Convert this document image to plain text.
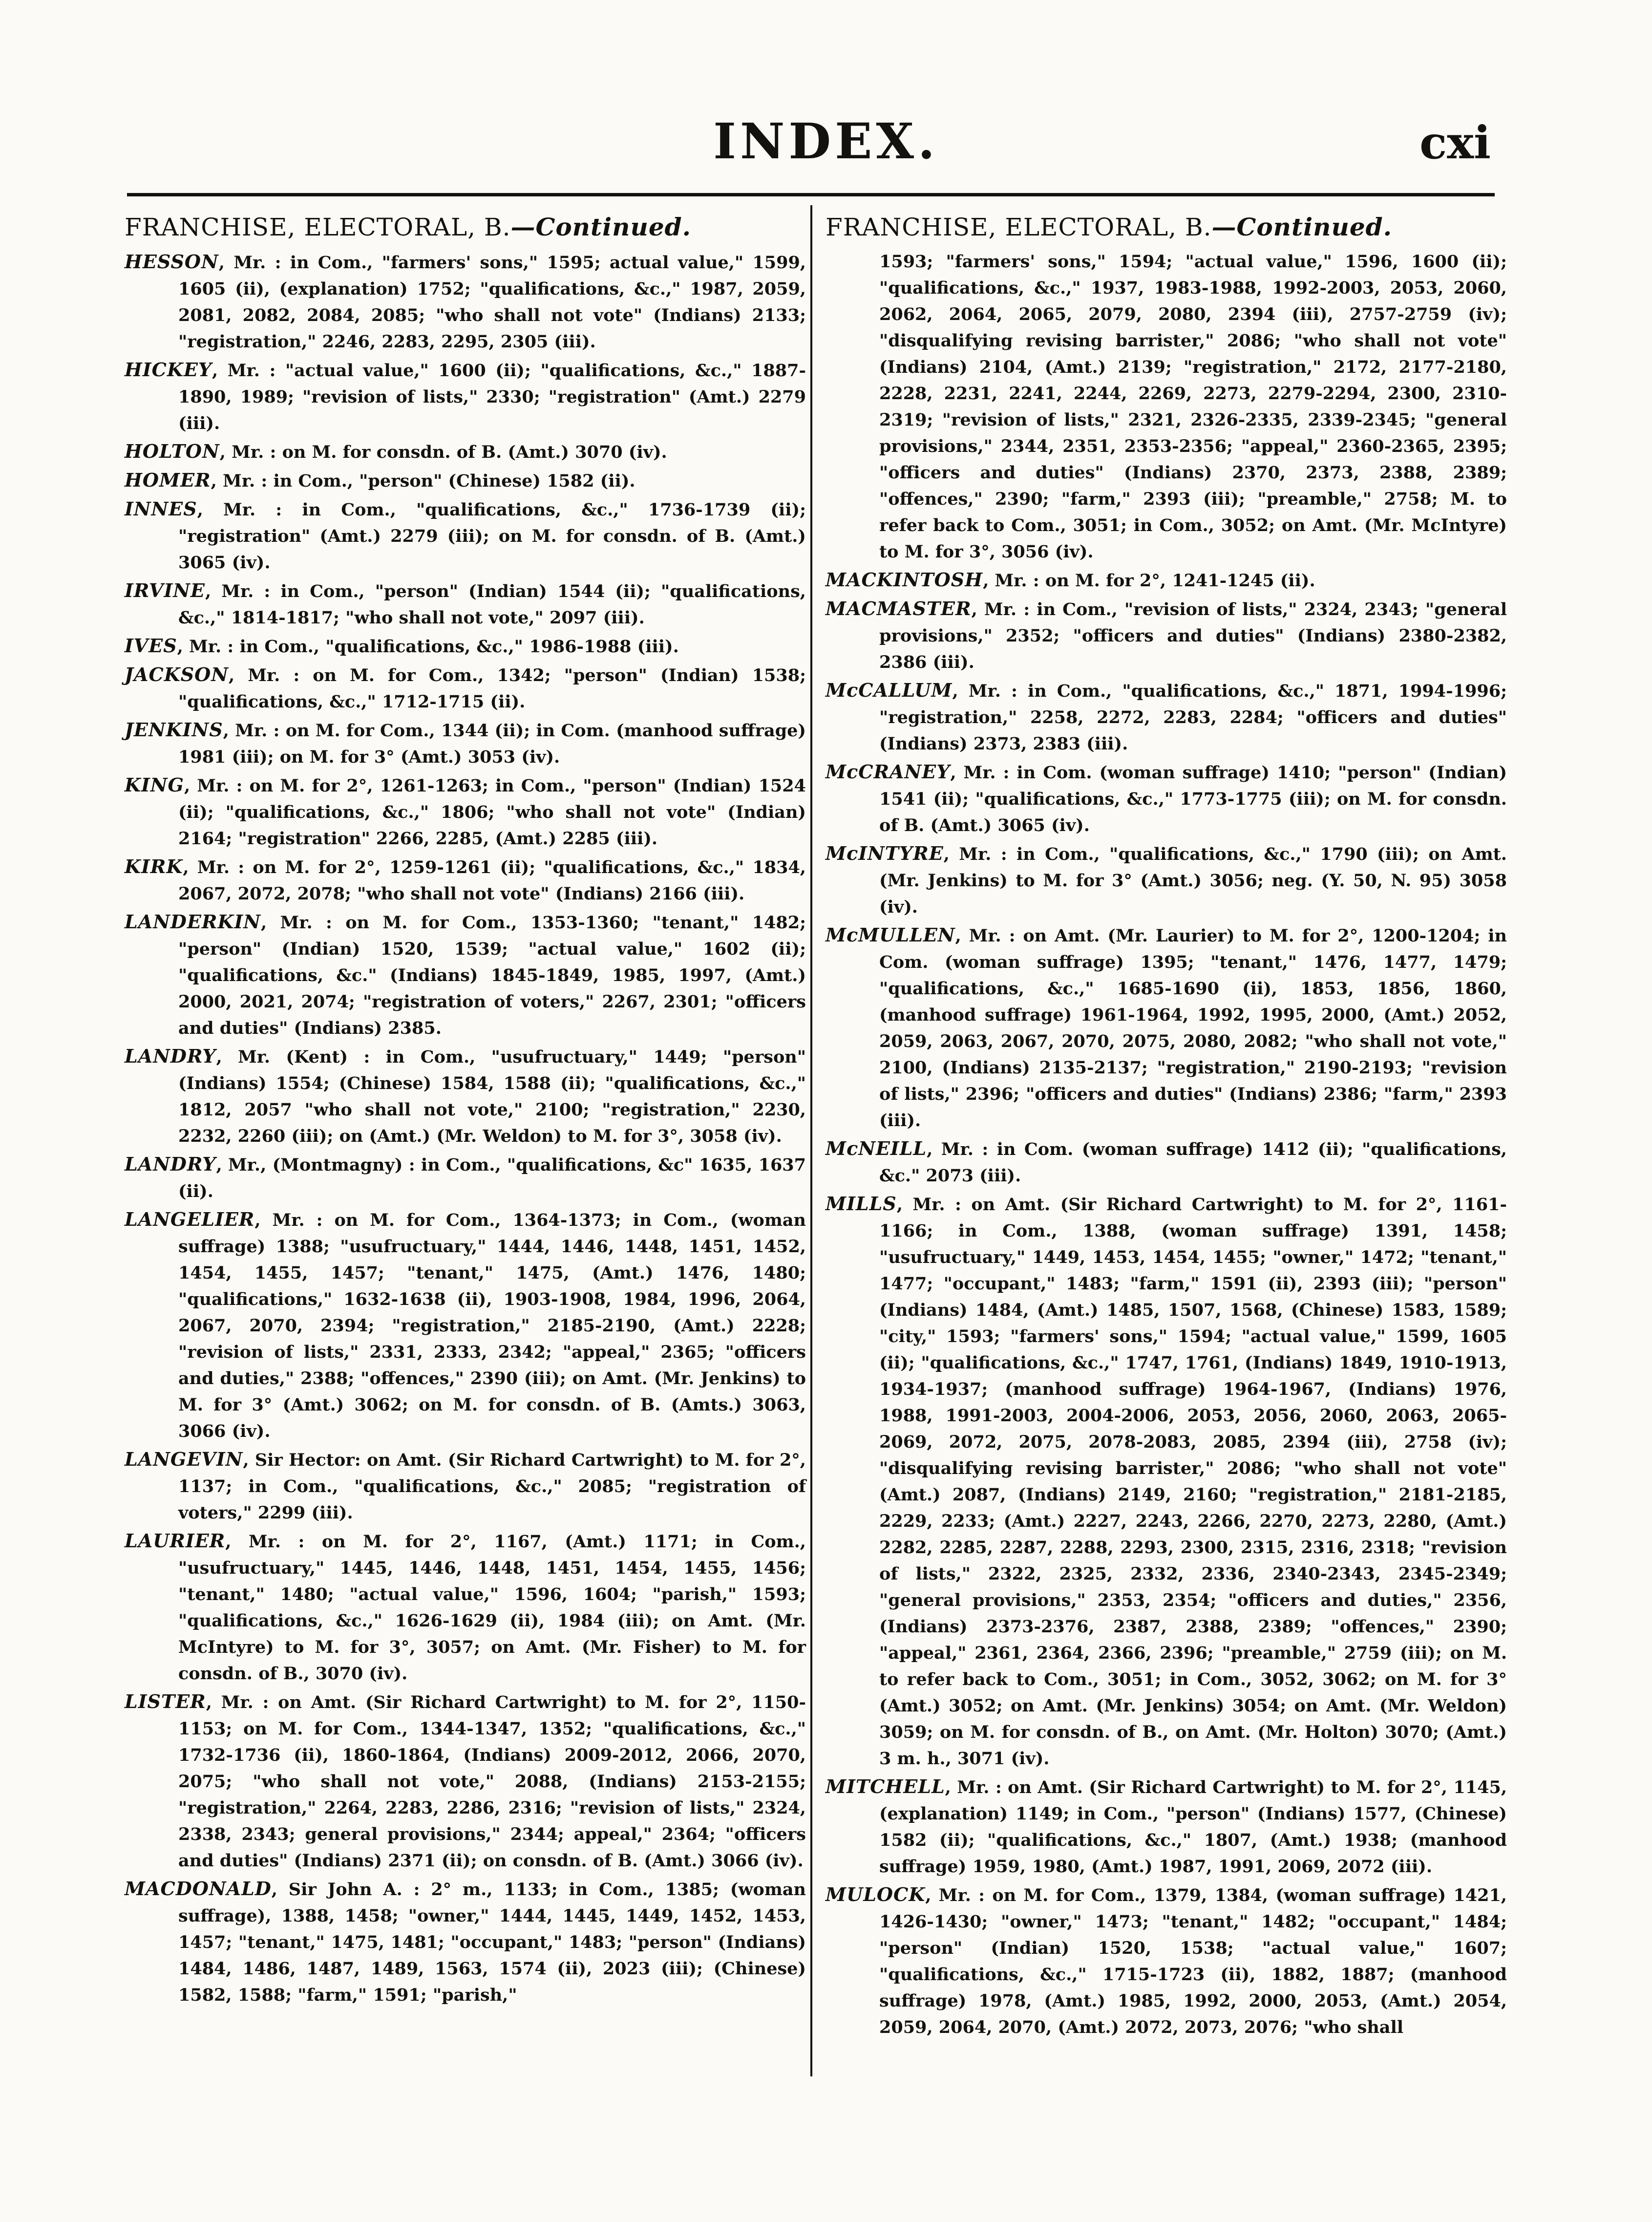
INDEX.	cxi
FRANCHISE, ELECTORAL, B.—Continued.

HESSON, Mr. : in Com., "farmers' sons," 1595; actual value," 1599, 1605 (ii), (explanation) 1752; "qualifications, &c.," 1987, 2059, 2081, 2082, 2084, 2085; "who shall not vote" (Indians) 2133; "registration," 2246, 2283, 2295, 2305 (iii).

HICKEY, Mr. : "actual value," 1600 (ii); "qualifications, &c.," 1887-1890, 1989; "revision of lists," 2330; "registration" (Amt.) 2279 (iii).

HOLTON, Mr. : on M. for consdn. of B. (Amt.) 3070 (iv).

HOMER, Mr. : in Com., "person" (Chinese) 1582 (ii).

INNES, Mr. : in Com., "qualifications, &c.," 1736-1739 (ii); "registration" (Amt.) 2279 (iii); on M. for consdn. of B. (Amt.) 3065 (iv).

IRVINE, Mr. : in Com., "person" (Indian) 1544 (ii); "qualifications, &c.," 1814-1817; "who shall not vote," 2097 (iii).

IVES, Mr. : in Com., "qualifications, &c.," 1986-1988 (iii).

JACKSON, Mr. : on M. for Com., 1342; "person" (Indian) 1538; "qualifications, &c.," 1712-1715 (ii).

JENKINS, Mr. : on M. for Com., 1344 (ii); in Com. (manhood suffrage) 1981 (iii); on M. for 3° (Amt.) 3053 (iv).

KING, Mr. : on M. for 2°, 1261-1263; in Com., "person" (Indian) 1524 (ii); "qualifications, &c.," 1806; "who shall not vote" (Indian) 2164; "registration" 2266, 2285, (Amt.) 2285 (iii).

KIRK, Mr. : on M. for 2°, 1259-1261 (ii); "qualifications, &c.," 1834, 2067, 2072, 2078; "who shall not vote" (Indians) 2166 (iii).

LANDERKIN, Mr. : on M. for Com., 1353-1360; "tenant," 1482; "person" (Indian) 1520, 1539; "actual value," 1602 (ii); "qualifications, &c." (Indians) 1845-1849, 1985, 1997, (Amt.) 2000, 2021, 2074; "registration of voters," 2267, 2301; "officers and duties" (Indians) 2385.

LANDRY, Mr. (Kent) : in Com., "usufructuary," 1449; "person" (Indians) 1554; (Chinese) 1584, 1588 (ii); "qualifications, &c.," 1812, 2057 "who shall not vote," 2100; "registration," 2230, 2232, 2260 (iii); on (Amt.) (Mr. Weldon) to M. for 3°, 3058 (iv).

LANDRY, Mr., (Montmagny) : in Com., "qualifications, &c" 1635, 1637 (ii).

LANGELIER, Mr. : on M. for Com., 1364-1373; in Com., (woman suffrage) 1388; "usufructuary," 1444, 1446, 1448, 1451, 1452, 1454, 1455, 1457; "tenant," 1475, (Amt.) 1476, 1480; "qualifications," 1632-1638 (ii), 1903-1908, 1984, 1996, 2064, 2067, 2070, 2394; "registration," 2185-2190, (Amt.) 2228; "revision of lists," 2331, 2333, 2342; "appeal," 2365; "officers and duties," 2388; "offences," 2390 (iii); on Amt. (Mr. Jenkins) to M. for 3° (Amt.) 3062; on M. for consdn. of B. (Amts.) 3063, 3066 (iv).

LANGEVIN, Sir Hector: on Amt. (Sir Richard Cartwright) to M. for 2°, 1137; in Com., "qualifications, &c.," 2085; "registration of voters," 2299 (iii).

LAURIER, Mr. : on M. for 2°, 1167, (Amt.) 1171; in Com., "usufructuary," 1445, 1446, 1448, 1451, 1454, 1455, 1456; "tenant," 1480; "actual value," 1596, 1604; "parish," 1593; "qualifications, &c.," 1626-1629 (ii), 1984 (iii); on Amt. (Mr. McIntyre) to M. for 3°, 3057; on Amt. (Mr. Fisher) to M. for consdn. of B., 3070 (iv).

LISTER, Mr. : on Amt. (Sir Richard Cartwright) to M. for 2°, 1150-1153; on M. for Com., 1344-1347, 1352; "qualifications, &c.," 1732-1736 (ii), 1860-1864, (Indians) 2009-2012, 2066, 2070, 2075; "who shall not vote," 2088, (Indians) 2153-2155; "registration," 2264, 2283, 2286, 2316; "revision of lists," 2324, 2338, 2343; general provisions," 2344; appeal," 2364; "officers and duties" (Indians) 2371 (ii); on consdn. of B. (Amt.) 3066 (iv).

MACDONALD, Sir John A. : 2° m., 1133; in Com., 1385; (woman suffrage), 1388, 1458; "owner," 1444, 1445, 1449, 1452, 1453, 1457; "tenant," 1475, 1481; "occupant," 1483; "person" (Indians) 1484, 1486, 1487, 1489, 1563, 1574 (ii), 2023 (iii); (Chinese) 1582, 1588; "farm," 1591; "parish,"

FRANCHISE, ELECTORAL, B.—Continued.

1593; "farmers' sons," 1594; "actual value," 1596, 1600 (ii); "qualifications, &c.," 1937, 1983-1988, 1992-2003, 2053, 2060, 2062, 2064, 2065, 2079, 2080, 2394 (iii), 2757-2759 (iv); "disqualifying revising barrister," 2086; "who shall not vote" (Indians) 2104, (Amt.) 2139; "registration," 2172, 2177-2180, 2228, 2231, 2241, 2244, 2269, 2273, 2279-2294, 2300, 2310-2319; "revision of lists," 2321, 2326-2335, 2339-2345; "general provisions," 2344, 2351, 2353-2356; "appeal," 2360-2365, 2395; "officers and duties" (Indians) 2370, 2373, 2388, 2389; "offences," 2390; "farm," 2393 (iii); "preamble," 2758; M. to refer back to Com., 3051; in Com., 3052; on Amt. (Mr. McIntyre) to M. for 3°, 3056 (iv).

MACKINTOSH, Mr. : on M. for 2°, 1241-1245 (ii).

MACMASTER, Mr. : in Com., "revision of lists," 2324, 2343; "general provisions," 2352; "officers and duties" (Indians) 2380-2382, 2386 (iii).

McCALLUM, Mr. : in Com., "qualifications, &c.," 1871, 1994-1996; "registration," 2258, 2272, 2283, 2284; "officers and duties" (Indians) 2373, 2383 (iii).

McCRANEY, Mr. : in Com. (woman suffrage) 1410; "person" (Indian) 1541 (ii); "qualifications, &c.," 1773-1775 (iii); on M. for consdn. of B. (Amt.) 3065 (iv).

McINTYRE, Mr. : in Com., "qualifications, &c.," 1790 (iii); on Amt. (Mr. Jenkins) to M. for 3° (Amt.) 3056; neg. (Y. 50, N. 95) 3058 (iv).

McMULLEN, Mr. : on Amt. (Mr. Laurier) to M. for 2°, 1200-1204; in Com. (woman suffrage) 1395; "tenant," 1476, 1477, 1479; "qualifications, &c.," 1685-1690 (ii), 1853, 1856, 1860, (manhood suffrage) 1961-1964, 1992, 1995, 2000, (Amt.) 2052, 2059, 2063, 2067, 2070, 2075, 2080, 2082; "who shall not vote," 2100, (Indians) 2135-2137; "registration," 2190-2193; "revision of lists," 2396; "officers and duties" (Indians) 2386; "farm," 2393 (iii).

McNEILL, Mr. : in Com. (woman suffrage) 1412 (ii); "qualifications, &c." 2073 (iii).

MILLS, Mr. : on Amt. (Sir Richard Cartwright) to M. for 2°, 1161-1166; in Com., 1388, (woman suffrage) 1391, 1458; "usufructuary," 1449, 1453, 1454, 1455; "owner," 1472; "tenant," 1477; "occupant," 1483; "farm," 1591 (ii), 2393 (iii); "person" (Indians) 1484, (Amt.) 1485, 1507, 1568, (Chinese) 1583, 1589; "city," 1593; "farmers' sons," 1594; "actual value," 1599, 1605 (ii); "qualifications, &c.," 1747, 1761, (Indians) 1849, 1910-1913, 1934-1937; (manhood suffrage) 1964-1967, (Indians) 1976, 1988, 1991-2003, 2004-2006, 2053, 2056, 2060, 2063, 2065-2069, 2072, 2075, 2078-2083, 2085, 2394 (iii), 2758 (iv); "disqualifying revising barrister," 2086; "who shall not vote" (Amt.) 2087, (Indians) 2149, 2160; "registration," 2181-2185, 2229, 2233; (Amt.) 2227, 2243, 2266, 2270, 2273, 2280, (Amt.) 2282, 2285, 2287, 2288, 2293, 2300, 2315, 2316, 2318; "revision of lists," 2322, 2325, 2332, 2336, 2340-2343, 2345-2349; "general provisions," 2353, 2354; "officers and duties," 2356, (Indians) 2373-2376, 2387, 2388, 2389; "offences," 2390; "appeal," 2361, 2364, 2366, 2396; "preamble," 2759 (iii); on M. to refer back to Com., 3051; in Com., 3052, 3062; on M. for 3° (Amt.) 3052; on Amt. (Mr. Jenkins) 3054; on Amt. (Mr. Weldon) 3059; on M. for consdn. of B., on Amt. (Mr. Holton) 3070; (Amt.) 3 m. h., 3071 (iv).

MITCHELL, Mr. : on Amt. (Sir Richard Cartwright) to M. for 2°, 1145, (explanation) 1149; in Com., "person" (Indians) 1577, (Chinese) 1582 (ii); "qualifications, &c.," 1807, (Amt.) 1938; (manhood suffrage) 1959, 1980, (Amt.) 1987, 1991, 2069, 2072 (iii).

MULOCK, Mr. : on M. for Com., 1379, 1384, (woman suffrage) 1421, 1426-1430; "owner," 1473; "tenant," 1482; "occupant," 1484; "person" (Indian) 1520, 1538; "actual value," 1607; "qualifications, &c.," 1715-1723 (ii), 1882, 1887; (manhood suffrage) 1978, (Amt.) 1985, 1992, 2000, 2053, (Amt.) 2054, 2059, 2064, 2070, (Amt.) 2072, 2073, 2076; "who shall
